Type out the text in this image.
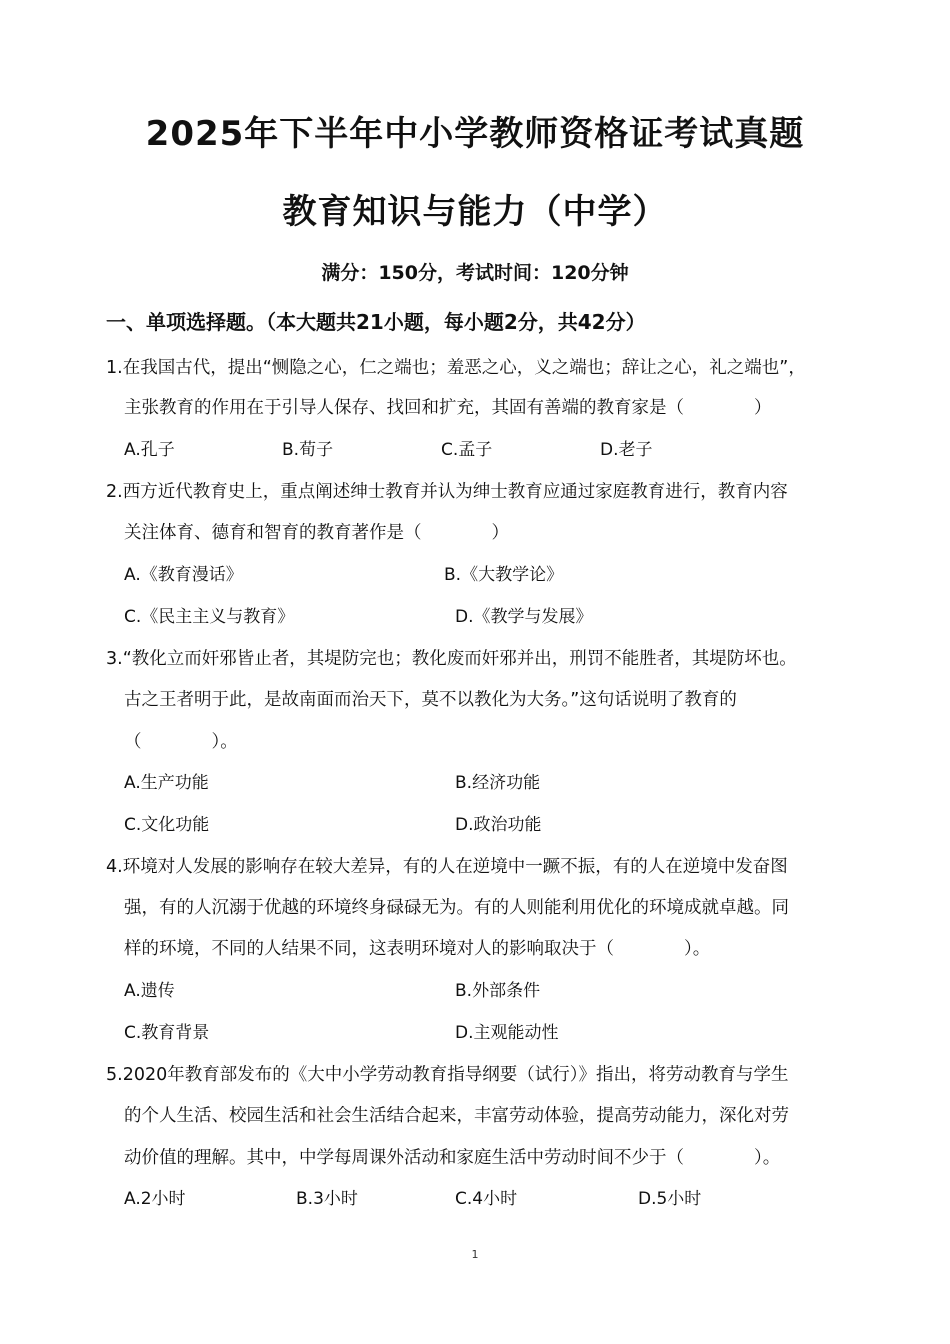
2025年下半年中小学教师资格证考试真题
教育知识与能力（中学）
满分：150分，考试时间：120分钟
一、单项选择题。（本大题共21小题，每小题2分，共42分）
1.在我国古代，提出“恻隐之心，仁之端也；羞恶之心，义之端也；辞让之心，礼之端也”，
主张教育的作用在于引导人保存、找回和扩充，其固有善端的教育家是（　　　　）
A.孔子	B.荀子	C.孟子	D.老子
2.西方近代教育史上，重点阐述绅士教育并认为绅士教育应通过家庭教育进行，教育内容
关注体育、德育和智育的教育著作是（　　　　）
A.《教育漫话》	B.《大教学论》
C.《民主主义与教育》	D.《教学与发展》
3.“教化立而奸邪皆止者，其堤防完也；教化废而奸邪并出，刑罚不能胜者，其堤防坏也。
古之王者明于此，是故南面而治天下，莫不以教化为大务。”这句话说明了教育的
（　　　　）。
A.生产功能	B.经济功能
C.文化功能	D.政治功能
4.环境对人发展的影响存在较大差异，有的人在逆境中一蹶不振，有的人在逆境中发奋图
强，有的人沉溺于优越的环境终身碌碌无为。有的人则能利用优化的环境成就卓越。同
样的环境，不同的人结果不同，这表明环境对人的影响取决于（　　　　）。
A.遗传	B.外部条件
C.教育背景	D.主观能动性
5.2020年教育部发布的《大中小学劳动教育指导纲要（试行）》指出，将劳动教育与学生
的个人生活、校园生活和社会生活结合起来，丰富劳动体验，提高劳动能力，深化对劳
动价值的理解。其中，中学每周课外活动和家庭生活中劳动时间不少于（　　　　）。
A.2小时	B.3小时	C.4小时	D.5小时
1
